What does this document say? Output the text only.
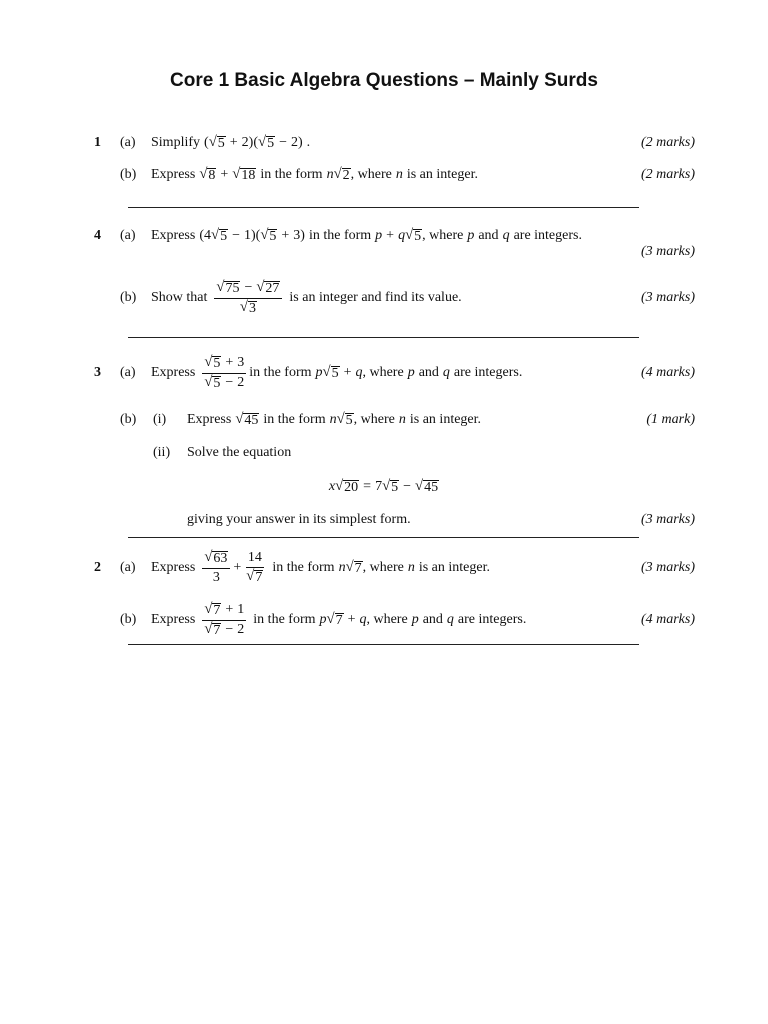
Core 1 Basic Algebra Questions – Mainly Surds
1 (a) Simplify ( √ 5 + 2 ) ( √ 5 − 2 ) .	(2 marks)
(b) Express √ 8 + √ 18 in the form n √ 2 , where n is an integer.	(2 marks)
4 (a) Express ( 4 √ 5 − 1 ) ( √ 5 + 3 ) in the form p + q √ 5 , where p and q are integers.
(3 marks)
(b) Show that $\frac{√ 75 - √ 27}{√ 3}$ is an integer and find its value.	(3 marks)
3 (a) Express $\frac{√ 5 + 3}{√ 5 - 2}$ in the form p √ 5 + q , where p and q are integers.	(4 marks)
(b) (i) Express √ 45 in the form n √ 5 , where n is an integer.	(1 mark)
(ii) Solve the equation
x √ 20 = 7 √ 5 − √ 45
giving your answer in its simplest form.	(3 marks)
2 (a) Express $\frac{√ 63}{3} + \frac{14}{√ 7}$ in the form n √ 7 , where n is an integer.	(3 marks)
(b) Express $\frac{√ 7 + 1}{√ 7 - 2}$ in the form p √ 7 + q , where p and q are integers.	(4 marks)
